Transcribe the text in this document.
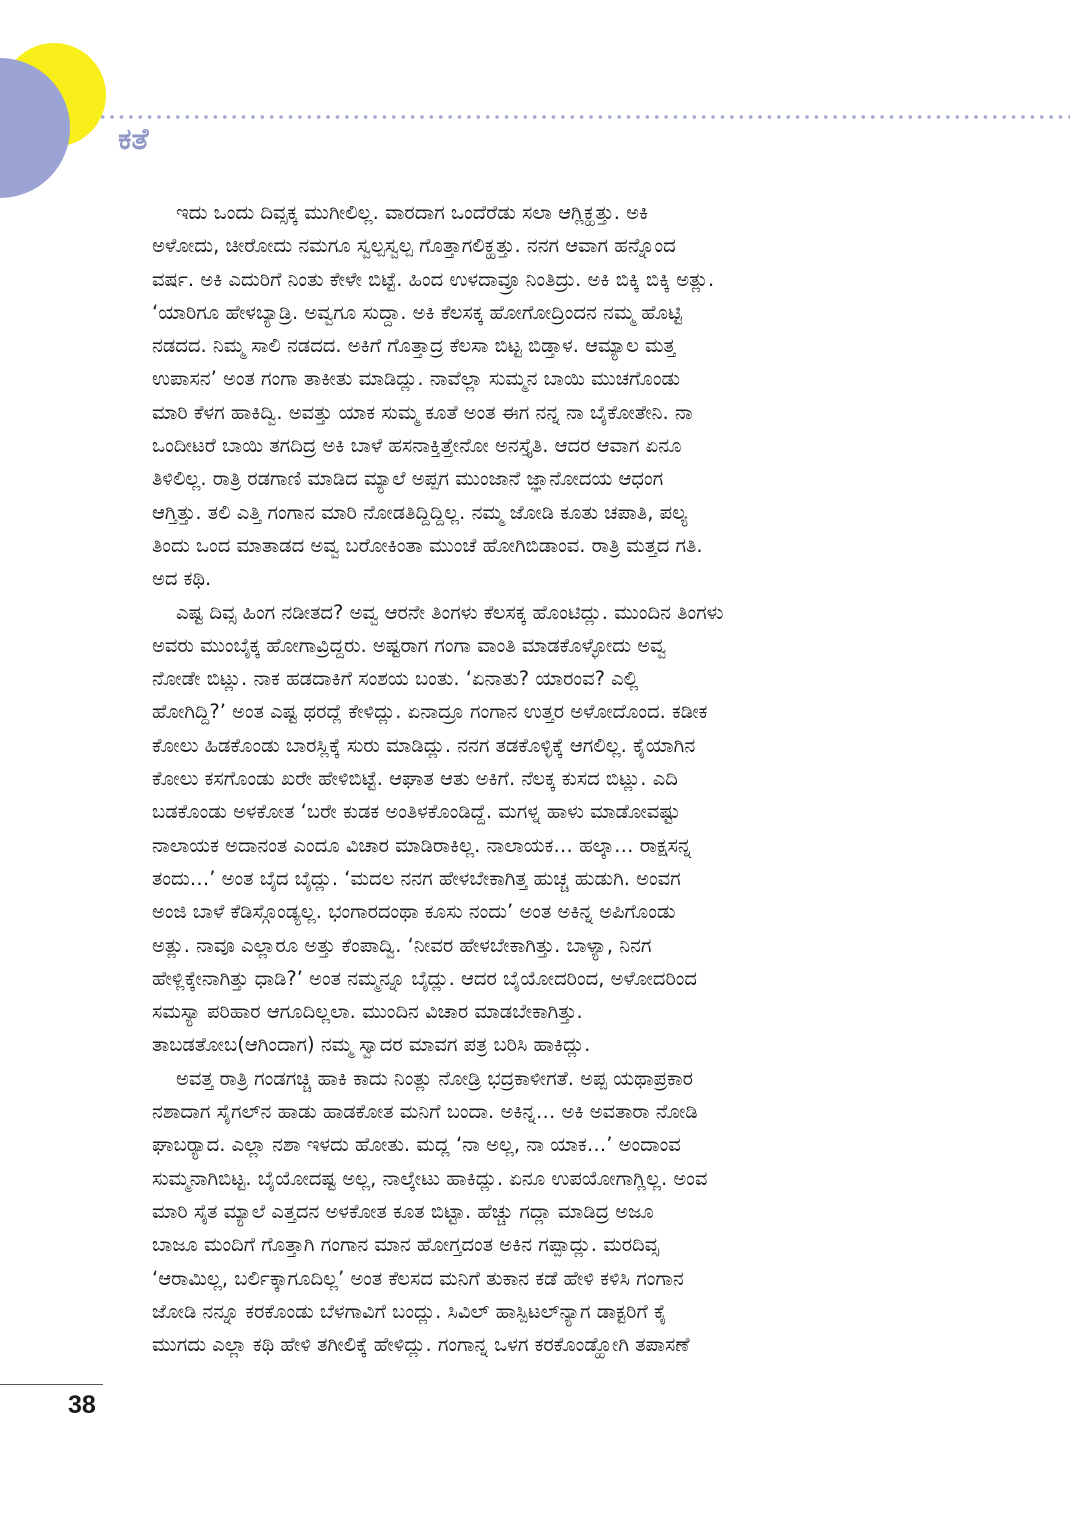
ಕತೆ
ಇದು ಒಂದು ದಿವ್ಸಕ್ಕ ಮುಗೀಲಿಲ್ಲ. ವಾರದಾಗ ಒಂದೆರೆಡು ಸಲಾ ಆಗ್ಲಿಕ್ಹತ್ತು. ಅಕಿ
ಅಳೋದು, ಚೀರೋದು ನಮಗೂ ಸ್ವಲ್ಪಸ್ವಲ್ಪ ಗೊತ್ತಾಗಲಿಕ್ಹತ್ತು. ನನಗ ಆವಾಗ ಹನ್ನೊಂದ
ವರ್ಷ. ಅಕಿ ಎದುರಿಗೆ ನಿಂತು ಕೇಳೇ ಬಿಟ್ಟೆ. ಹಿಂದ ಉಳದಾವ್ರೂ ನಿಂತಿದ್ರು. ಅಕಿ ಬಿಕ್ಕಿ ಬಿಕ್ಕಿ ಅತ್ಲು.
‘ಯಾರಿಗೂ ಹೇಳಬ್ಯಾಡ್ರಿ. ಅವ್ವಗೂ ಸುದ್ದಾ. ಅಕಿ ಕೆಲಸಕ್ಕ ಹೋಗೋದ್ರಿಂದನ ನಮ್ಮ ಹೊಟ್ಟಿ
ನಡದದ. ನಿಮ್ಮ ಸಾಲಿ ನಡದದ. ಅಕಿಗೆ ಗೊತ್ತಾದ್ರ ಕೆಲಸಾ ಬಿಟ್ಟ ಬಿಡ್ತಾಳ. ಆಮ್ಯಾಲ ಮತ್ತ
ಉಪಾಸನ’ ಅಂತ ಗಂಗಾ ತಾಕೀತು ಮಾಡಿದ್ಲು. ನಾವೆಲ್ಲಾ ಸುಮ್ಮನ ಬಾಯಿ ಮುಚಗೊಂಡು
ಮಾರಿ ಕೆಳಗ ಹಾಕಿದ್ವಿ. ಅವತ್ತು ಯಾಕ ಸುಮ್ಮ ಕೂತೆ ಅಂತ ಈಗ ನನ್ನ ನಾ ಬೈಕೋತೇನಿ. ನಾ
ಒಂದೀಟರೆ ಬಾಯಿ ತಗದಿದ್ರ ಅಕಿ ಬಾಳೆ ಹಸನಾಕ್ತಿತ್ತೇನೋ ಅನಸ್ತೈತಿ. ಆದರ ಆವಾಗ ಏನೂ
ತಿಳಿಲಿಲ್ಲ. ರಾತ್ರಿ ರಡಗಾಣಿ ಮಾಡಿದ ಮ್ಯಾಲೆ ಅಪ್ಪಗ ಮುಂಜಾನೆ ಜ್ಞಾನೋದಯ ಆಧಂಗ
ಆಗ್ತಿತ್ತು. ತಲಿ ಎತ್ತಿ ಗಂಗಾನ ಮಾರಿ ನೋಡತಿದ್ದಿದ್ದಿಲ್ಲ. ನಮ್ಮ ಜೋಡಿ ಕೂತು ಚಪಾತಿ, ಪಲ್ಯ
ತಿಂದು ಒಂದ ಮಾತಾಡದ ಅವ್ವ ಬರೋಕಿಂತಾ ಮುಂಚೆ ಹೋಗಿಬಿಡಾಂವ. ರಾತ್ರಿ ಮತ್ತದ ಗತಿ.
ಅದ ಕಥಿ.
ಎಷ್ಟ ದಿವ್ಸ ಹಿಂಗ ನಡೀತದ? ಅವ್ವ ಆರನೇ ತಿಂಗಳು ಕೆಲಸಕ್ಕ ಹೊಂಟಿದ್ಲು. ಮುಂದಿನ ತಿಂಗಳು
ಅವರು ಮುಂಬೈಕ್ಕ ಹೋಗಾವ್ರಿದ್ದರು. ಅಷ್ಟರಾಗ ಗಂಗಾ ವಾಂತಿ ಮಾಡಕೊಳ್ಳೋದು ಅವ್ವ
ನೋಡೇ ಬಿಟ್ಲು. ನಾಕ ಹಡದಾಕಿಗೆ ಸಂಶಯ ಬಂತು. ‘ಏನಾತು? ಯಾರಂವ? ಎಲ್ಲಿ
ಹೋಗಿದ್ದಿ?’ ಅಂತ ಎಷ್ಟ ಥರದ್ಲೆ ಕೇಳಿದ್ಲು. ಏನಾದ್ರೂ ಗಂಗಾನ ಉತ್ತರ ಅಳೋದೊಂದ. ಕಡೀಕ
ಕೋಲು ಹಿಡಕೊಂಡು ಬಾರಸ್ಲಿಕ್ಕೆ ಸುರು ಮಾಡಿದ್ಲು. ನನಗ ತಡಕೊಳ್ಳಿಕ್ಕೆ ಆಗಲಿಲ್ಲ. ಕೈಯಾಗಿನ
ಕೋಲು ಕಸಗೊಂಡು ಖರೇ ಹೇಳಿಬಿಟ್ಟೆ. ಆಘಾತ ಆತು ಅಕಿಗೆ. ನೆಲಕ್ಕ ಕುಸದ ಬಿಟ್ಲು. ಎದಿ
ಬಡಕೊಂಡು ಅಳಕೋತ ‘ಬರೇ ಕುಡಕ ಅಂತಿಳಕೊಂಡಿದ್ದೆ. ಮಗಳ್ನ ಹಾಳು ಮಾಡೋವಷ್ಟು
ನಾಲಾಯಕ ಅದಾನಂತ ಎಂದೂ ವಿಚಾರ ಮಾಡಿರಾಕಿಲ್ಲ. ನಾಲಾಯಕ… ಹಲ್ಕಾ… ರಾಕ್ಷಸನ್ನ
ತಂದು…’ ಅಂತ ಬೈದ ಬೈದ್ಲು. ‘ಮದಲ ನನಗ ಹೇಳಬೇಕಾಗಿತ್ತ ಹುಚ್ಚ ಹುಡುಗಿ. ಅಂವಗ
ಅಂಜಿ ಬಾಳೆ ಕೆಡಿಸ್ಗೊಂಡ್ಯಲ್ಲ. ಭಂಗಾರದಂಥಾ ಕೂಸು ನಂದು’ ಅಂತ ಅಕಿನ್ನ ಅಪಿಗೊಂಡು
ಅತ್ಲು. ನಾವೂ ಎಲ್ಲಾರೂ ಅತ್ತು ಕೆಂಪಾದ್ವಿ. ‘ನೀವರ ಹೇಳಬೇಕಾಗಿತ್ತು. ಬಾಳ್ಯಾ, ನಿನಗ
ಹೇಳ್ಲಿಕ್ಕೇನಾಗಿತ್ತು ಧಾಡಿ?’ ಅಂತ ನಮ್ಮನ್ನೂ ಬೈದ್ಲು. ಆದರ ಬೈಯೋದರಿಂದ, ಅಳೋದರಿಂದ
ಸಮಸ್ಯಾ ಪರಿಹಾರ ಆಗೂದಿಲ್ಲಲಾ. ಮುಂದಿನ ವಿಚಾರ ಮಾಡಬೇಕಾಗಿತ್ತು.
ತಾಬಡತೋಬ(ಆಗಿಂದಾಗ) ನಮ್ಮ ಸ್ವಾದರ ಮಾವಗ ಪತ್ರ ಬರಿಸಿ ಹಾಕಿದ್ಲು.
ಅವತ್ತ ರಾತ್ರಿ ಗಂಡಗಚ್ಚಿ ಹಾಕಿ ಕಾದು ನಿಂತ್ಲು ನೋಡ್ರಿ ಭದ್ರಕಾಳೀಗತೆ. ಅಪ್ಪ ಯಥಾಪ್ರಕಾರ
ನಶಾದಾಗ ಸೈಗಲ್‌ನ ಹಾಡು ಹಾಡಕೋತ ಮನಿಗೆ ಬಂದಾ. ಅಕಿನ್ನ… ಅಕಿ ಅವತಾರಾ ನೋಡಿ
ಘಾಬರ್‍ಯಾದ. ಎಲ್ಲಾ ನಶಾ ಇಳದು ಹೋತು. ಮದ್ಲ ‘ನಾ ಅಲ್ಲ, ನಾ ಯಾಕ…’ ಅಂದಾಂವ
ಸುಮ್ಮನಾಗಿಬಿಟ್ಟ. ಬೈಯೋದಷ್ಟ ಅಲ್ಲ, ನಾಲ್ಕೇಟು ಹಾಕಿದ್ಲು. ಏನೂ ಉಪಯೋಗಾಗ್ಲಿಲ್ಲ. ಅಂವ
ಮಾರಿ ಸೈತ ಮ್ಯಾಲೆ ಎತ್ತದನ ಅಳಕೋತ ಕೂತ ಬಿಟ್ಟಾ. ಹೆಚ್ಚು ಗದ್ಲಾ ಮಾಡಿದ್ರ ಅಜೂ
ಬಾಜೂ ಮಂದಿಗೆ ಗೊತ್ತಾಗಿ ಗಂಗಾನ ಮಾನ ಹೋಗ್ತದಂತ ಅಕಿನ ಗಪ್ಪಾದ್ಲು. ಮರದಿವ್ಸ
‘ಆರಾಮಿಲ್ಲ, ಬರ್ಲಿಕ್ಕಾಗೂದಿಲ್ಲ’ ಅಂತ ಕೆಲಸದ ಮನಿಗೆ ತುಕಾನ ಕಡೆ ಹೇಳಿ ಕಳಿಸಿ ಗಂಗಾನ
ಜೋಡಿ ನನ್ನೂ ಕರಕೊಂಡು ಬೆಳಗಾವಿಗೆ ಬಂದ್ಲು. ಸಿವಿಲ್ ಹಾಸ್ಪಿಟಲ್‌ನ್ಯಾಗ ಡಾಕ್ಟರಿಗೆ ಕೈ
ಮುಗದು ಎಲ್ಲಾ ಕಥಿ ಹೇಳಿ ತಗೀಲಿಕ್ಕೆ ಹೇಳಿದ್ಲು. ಗಂಗಾನ್ನ ಒಳಗ ಕರಕೊಂಡ್ಹೋಗಿ ತಪಾಸಣೆ
38
